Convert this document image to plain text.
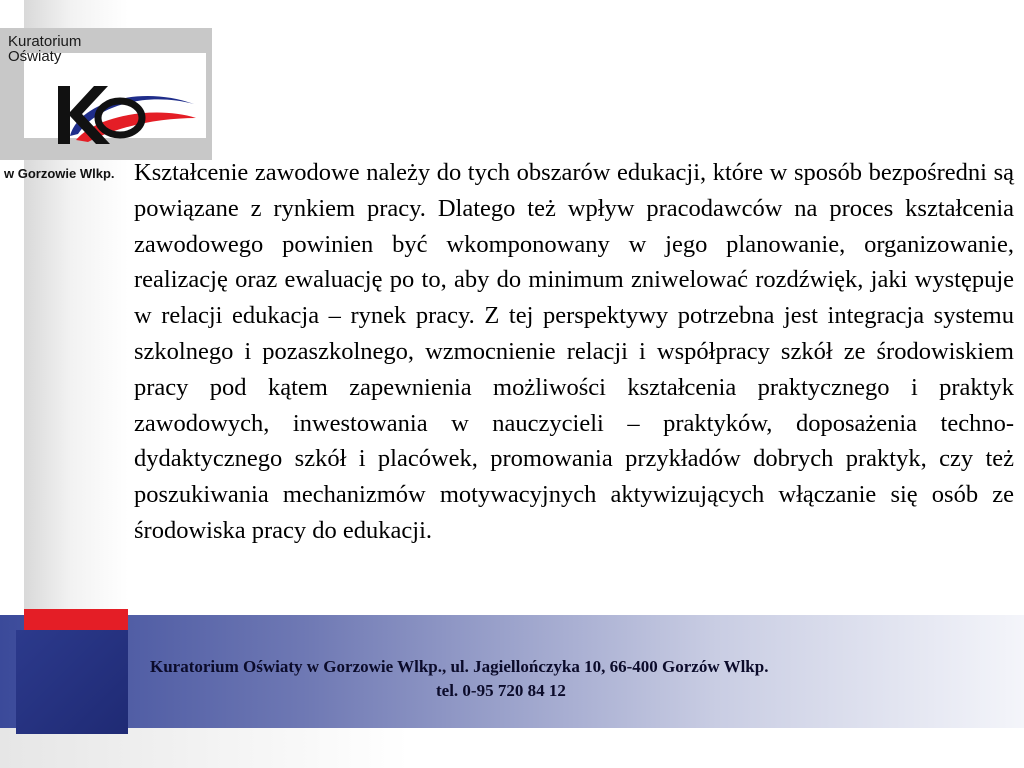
Kuratorium
Oświaty

w Gorzowie Wlkp. Kształcenie zawodowe należy do tych obszarów edukacji, które w sposób bezpośredni są powiązane z rynkiem pracy. Dlatego też wpływ pracodawców na proces kształcenia zawodowego powinien być wkomponowany w jego planowanie, organizowanie, realizację oraz ewaluację po to, aby do minimum zniwelować rozdźwięk, jaki występuje w relacji edukacja – rynek pracy. Z tej perspektywy potrzebna jest integracja systemu szkolnego i pozaszkolnego, wzmocnienie relacji i współpracy szkół ze środowiskiem pracy pod kątem zapewnienia możliwości kształcenia praktycznego i praktyk zawodowych, inwestowania w nauczycieli – praktyków, doposażenia techno-dydaktycznego szkół i placówek, promowania przykładów dobrych praktyk, czy też poszukiwania mechanizmów motywacyjnych aktywizujących włączanie się osób ze środowiska pracy do edukacji.

Kuratorium Oświaty w Gorzowie Wlkp., ul. Jagiellończyka 10, 66-400 Gorzów Wlkp.

tel. 0-95 720 84 12
